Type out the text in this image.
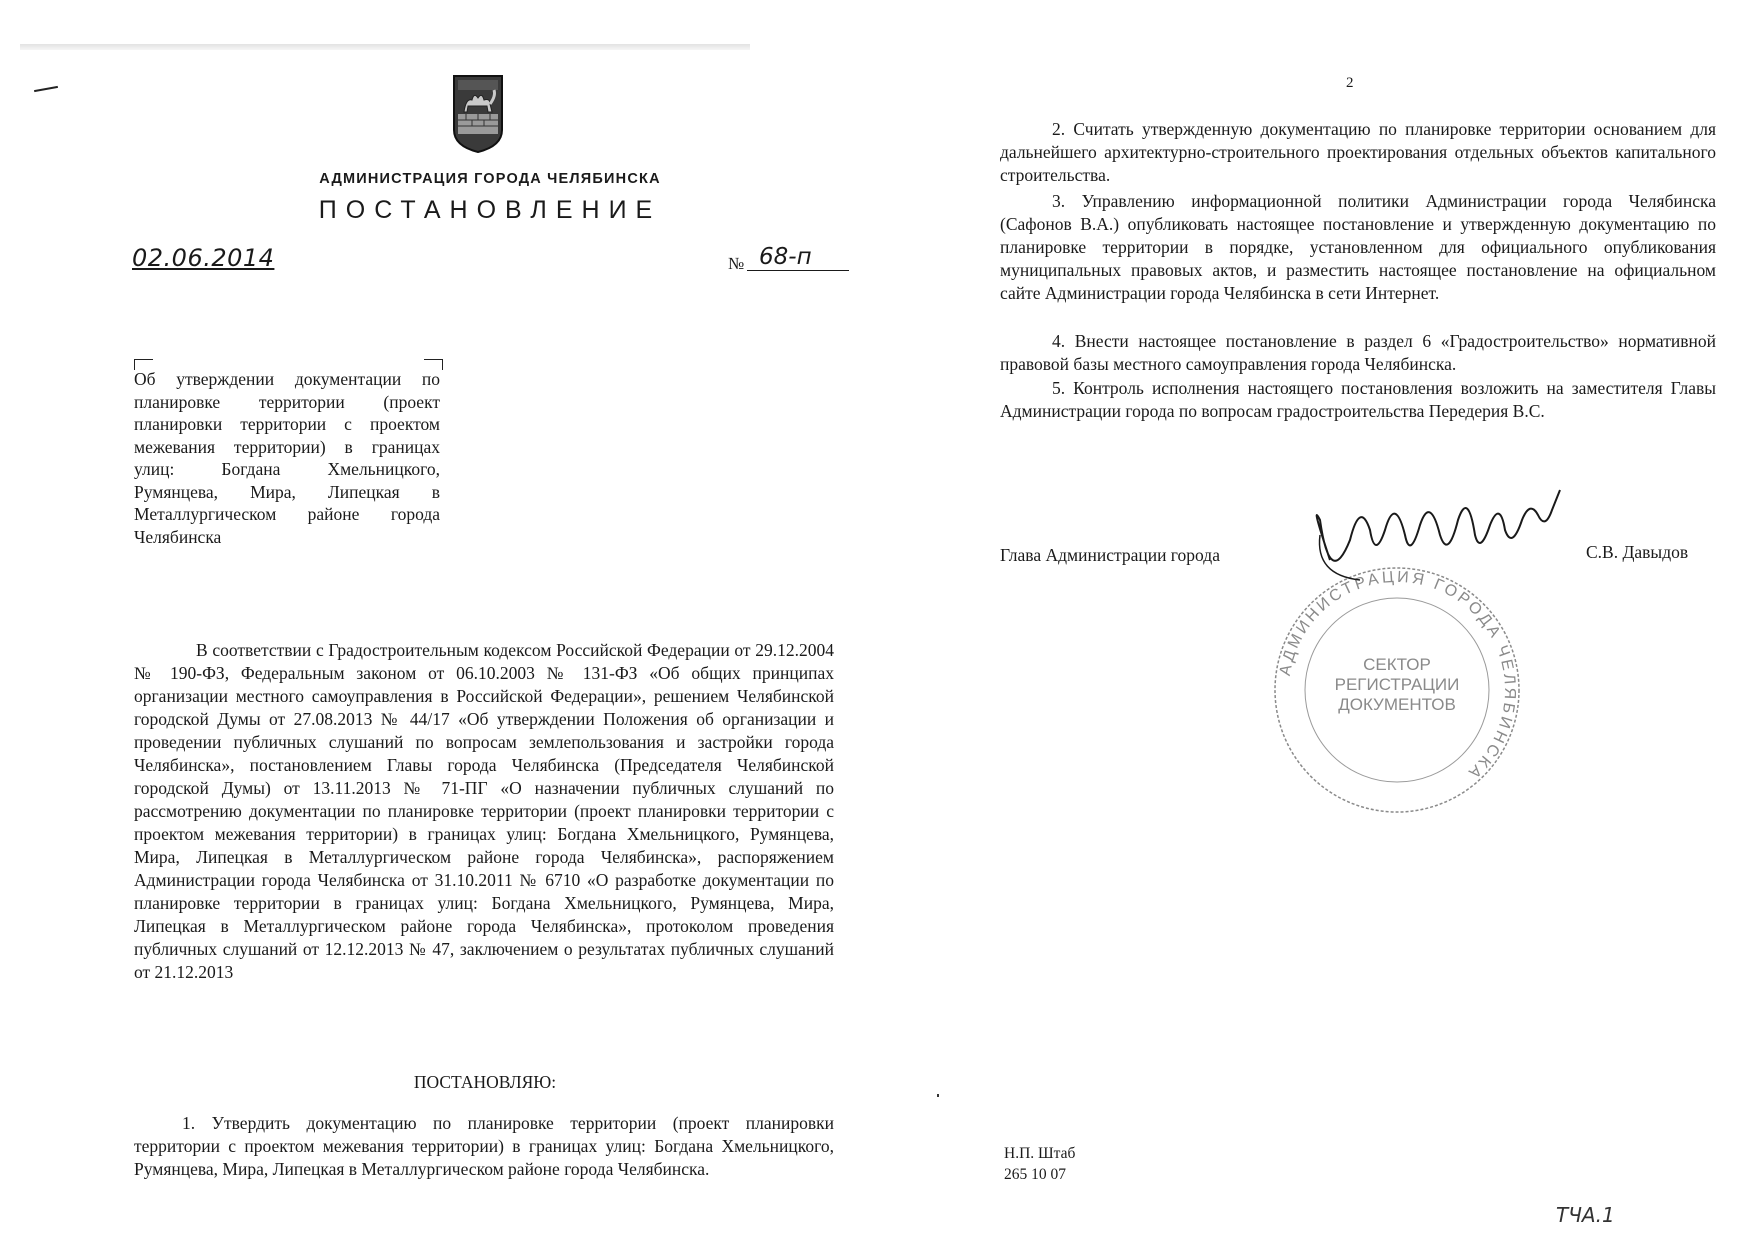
АДМИНИСТРАЦИЯ ГОРОДА ЧЕЛЯБИНСКА
ПОСТАНОВЛЕНИЕ
02.06.2014	№ 68-п
Об утверждении документации по планировке территории (проект планировки территории с проектом межевания территории) в границах улиц: Богдана Хмельницкого, Румянцева, Мира, Липецкая в Металлургическом районе города Челябинска
В соответствии с Градостроительным кодексом Российской Федерации от 29.12.2004 № 190-ФЗ, Федеральным законом от 06.10.2003 № 131-ФЗ «Об общих принципах организации местного самоуправления в Российской Федерации», решением Челябинской городской Думы от 27.08.2013 № 44/17 «Об утверждении Положения об организации и проведении публичных слушаний по вопросам землепользования и застройки города Челябинска», постановлением Главы города Челябинска (Председателя Челябинской городской Думы) от 13.11.2013 № 71-ПГ «О назначении публичных слушаний по рассмотрению документации по планировке территории (проект планировки территории с проектом межевания территории) в границах улиц: Богдана Хмельницкого, Румянцева, Мира, Липецкая в Металлургическом районе города Челябинска», распоряжением Администрации города Челябинска от 31.10.2011 № 6710 «О разработке документации по планировке территории в границах улиц: Богдана Хмельницкого, Румянцева, Мира, Липецкая в Металлургическом районе города Челябинска», протоколом проведения публичных слушаний от 12.12.2013 № 47, заключением о результатах публичных слушаний от 21.12.2013
ПОСТАНОВЛЯЮ:
1. Утвердить документацию по планировке территории (проект планировки территории с проектом межевания территории) в границах улиц: Богдана Хмельницкого, Румянцева, Мира, Липецкая в Металлургическом районе города Челябинска.
2
2. Считать утвержденную документацию по планировке территории основанием для дальнейшего архитектурно-строительного проектирования отдельных объектов капитального строительства.
3. Управлению информационной политики Администрации города Челябинска (Сафонов В.А.) опубликовать настоящее постановление и утвержденную документацию по планировке территории в порядке, установленном для официального опубликования муниципальных правовых актов, и разместить настоящее постановление на официальном сайте Администрации города Челябинска в сети Интернет.
4. Внести настоящее постановление в раздел 6 «Градостроительство» нормативной правовой базы местного самоуправления города Челябинска.
5. Контроль исполнения настоящего постановления возложить на заместителя Главы Администрации города по вопросам градостроительства Передерия В.С.
Глава Администрации города	С.В. Давыдов
АДМИНИСТРАЦИЯ ГОРОДА ЧЕЛЯБИНСКА
СЕКТОР
РЕГИСТРАЦИИ
ДОКУМЕНТОВ
Н.П. Штаб
265 10 07
ТЧА.1
